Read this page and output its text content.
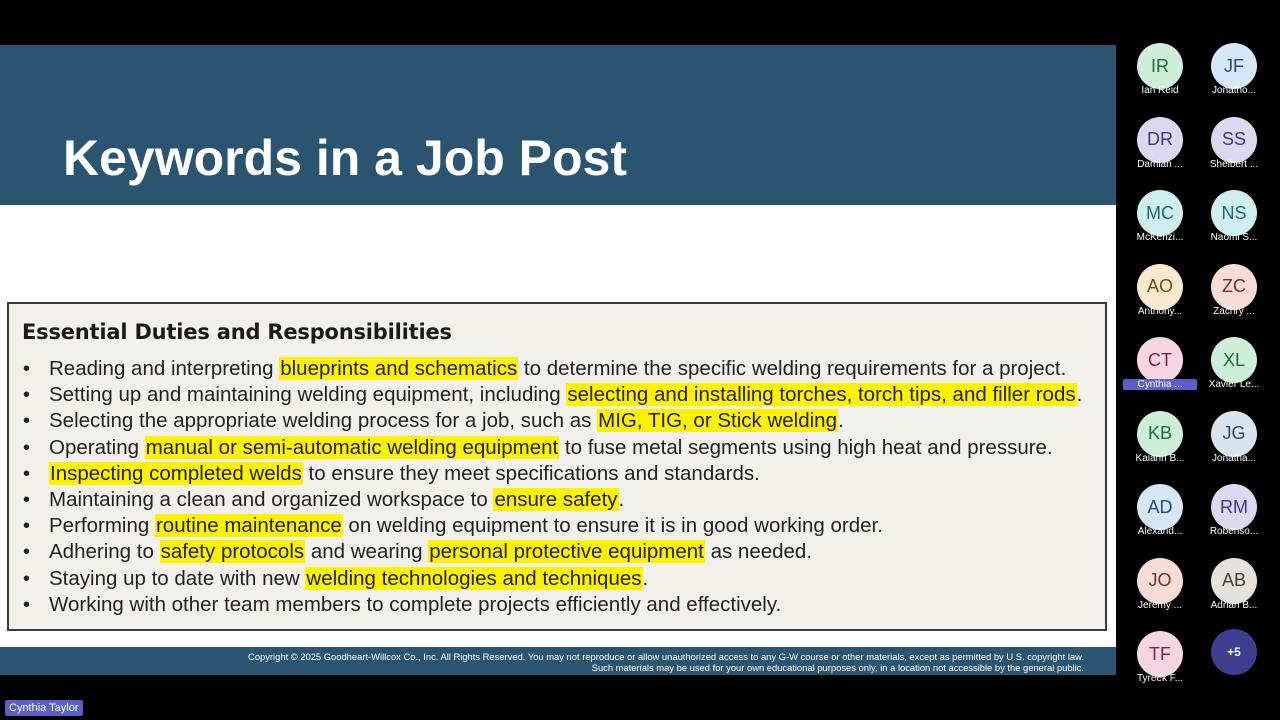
Keywords in a Job Post
Essential Duties and Responsibilities
• Reading and interpreting blueprints and schematics to determine the specific welding requirements for a project.
• Setting up and maintaining welding equipment, including selecting and installing torches, torch tips, and filler rods.
• Selecting the appropriate welding process for a job, such as MIG, TIG, or Stick welding.
• Operating manual or semi-automatic welding equipment to fuse metal segments using high heat and pressure.
• Inspecting completed welds to ensure they meet specifications and standards.
• Maintaining a clean and organized workspace to ensure safety.
• Performing routine maintenance on welding equipment to ensure it is in good working order.
• Adhering to safety protocols and wearing personal protective equipment as needed.
• Staying up to date with new welding technologies and techniques.
• Working with other team members to complete projects efficiently and effectively.
Copyright © 2025 Goodheart-Willcox Co., Inc. All Rights Reserved. You may not reproduce or allow unauthorized access to any G-W course or other materials, except as permitted by U.S. copyright law.
Such materials may be used for your own educational purposes only, in a location not accessible by the general public.
IR
Ian Reid
JF
Jonatho...
DR
Damian ...
SS
Shelbert ...
MC
McKenzi...
NS
Naomi S...
AO
Anthony...
ZC
Zachry ...
CT
Cynthia ...
XL
Xavier Le...
KB
Kaiann B...
JG
Jonatha...
AD
Alexand...
RM
Robenso...
JO
Jeremy ...
AB
Adrian B...
TF
Tyreek F...
+5
Cynthia Taylor
